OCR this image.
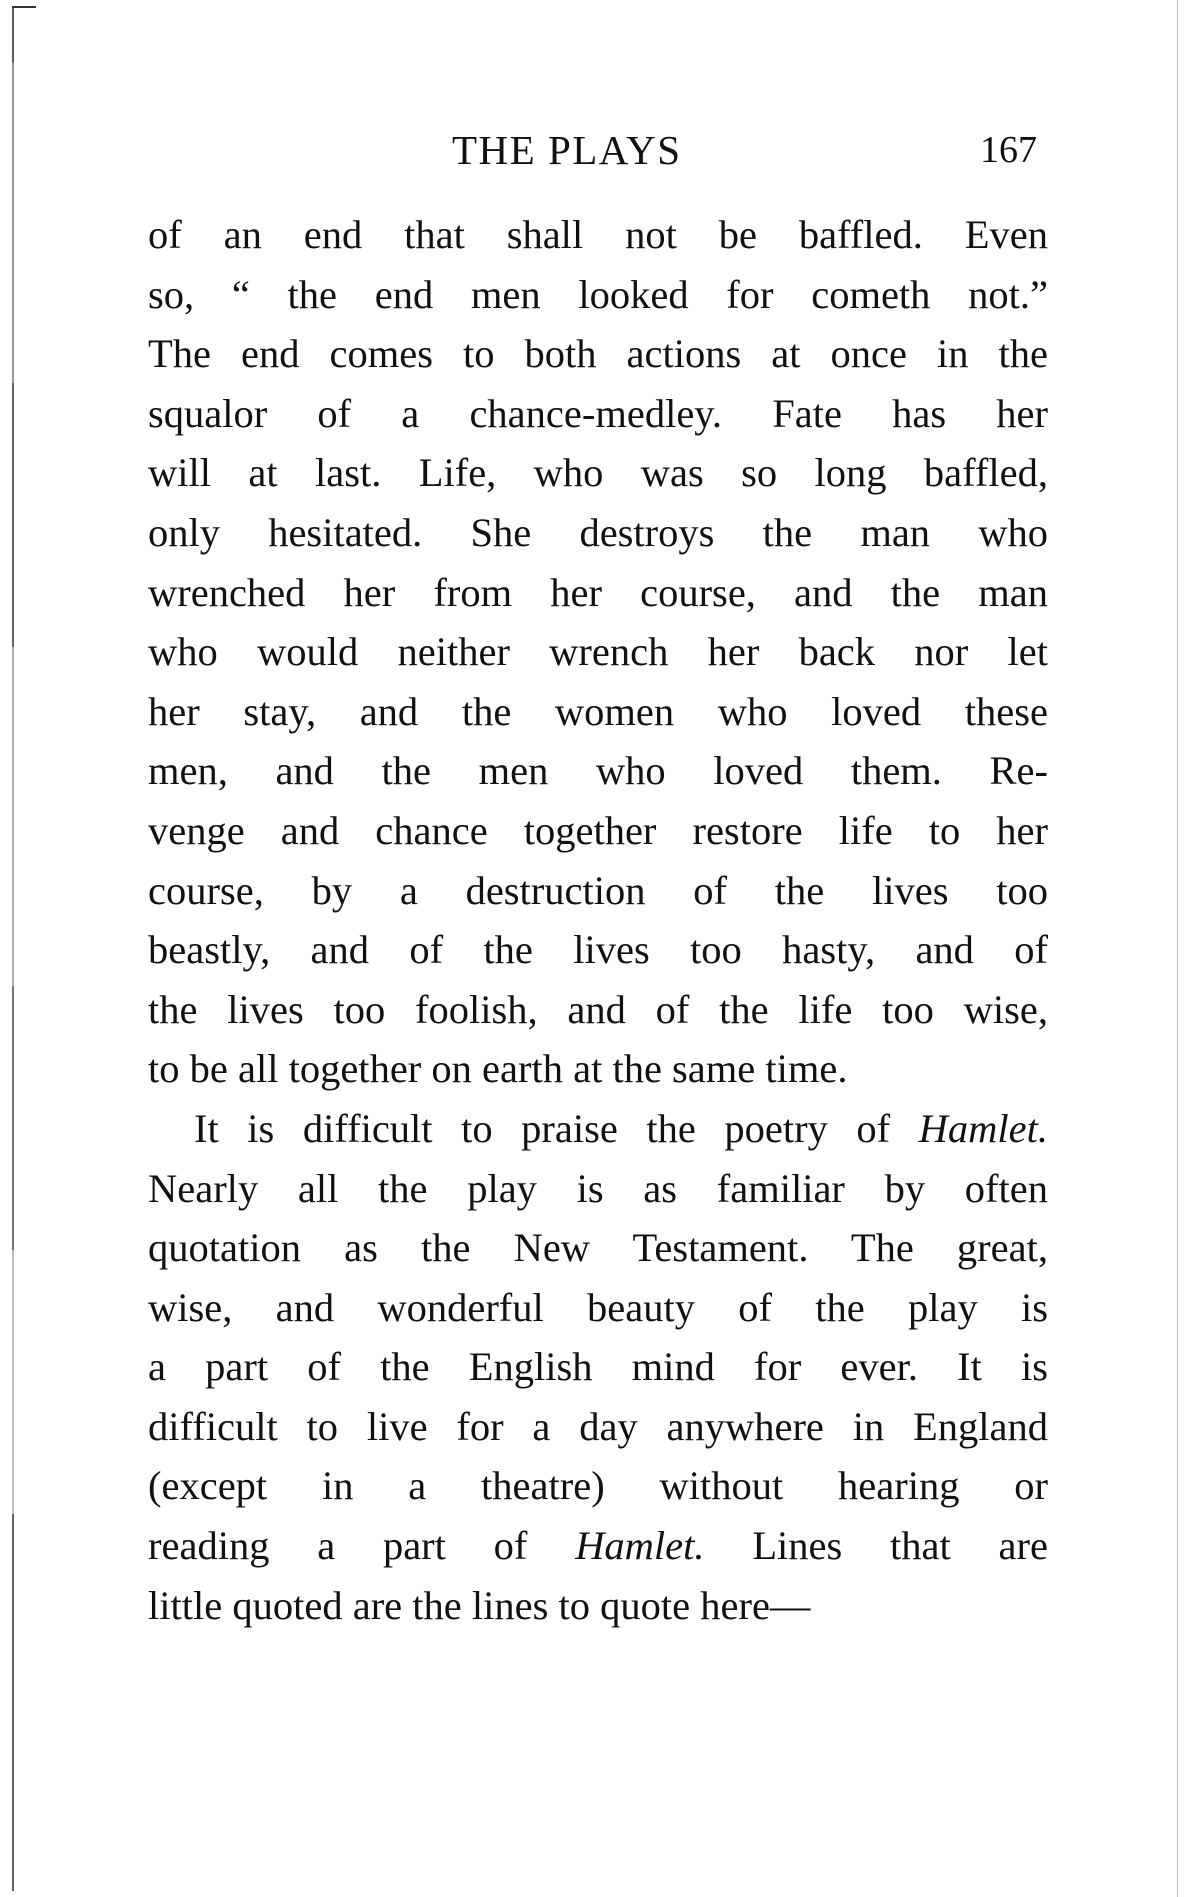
THE PLAYS	167
of an end that shall not be baffled. Even
so, “ the end men looked for cometh not.”
The end comes to both actions at once in the
squalor of a chance-medley. Fate has her
will at last. Life, who was so long baffled,
only hesitated. She destroys the man who
wrenched her from her course, and the man
who would neither wrench her back nor let
her stay, and the women who loved these
men, and the men who loved them. Re-
venge and chance together restore life to her
course, by a destruction of the lives too
beastly, and of the lives too hasty, and of
the lives too foolish, and of the life too wise,
to be all together on earth at the same time.
It is difficult to praise the poetry of Hamlet.
Nearly all the play is as familiar by often
quotation as the New Testament. The great,
wise, and wonderful beauty of the play is
a part of the English mind for ever. It is
difficult to live for a day anywhere in England
(except in a theatre) without hearing or
reading a part of Hamlet. Lines that are
little quoted are the lines to quote here—
